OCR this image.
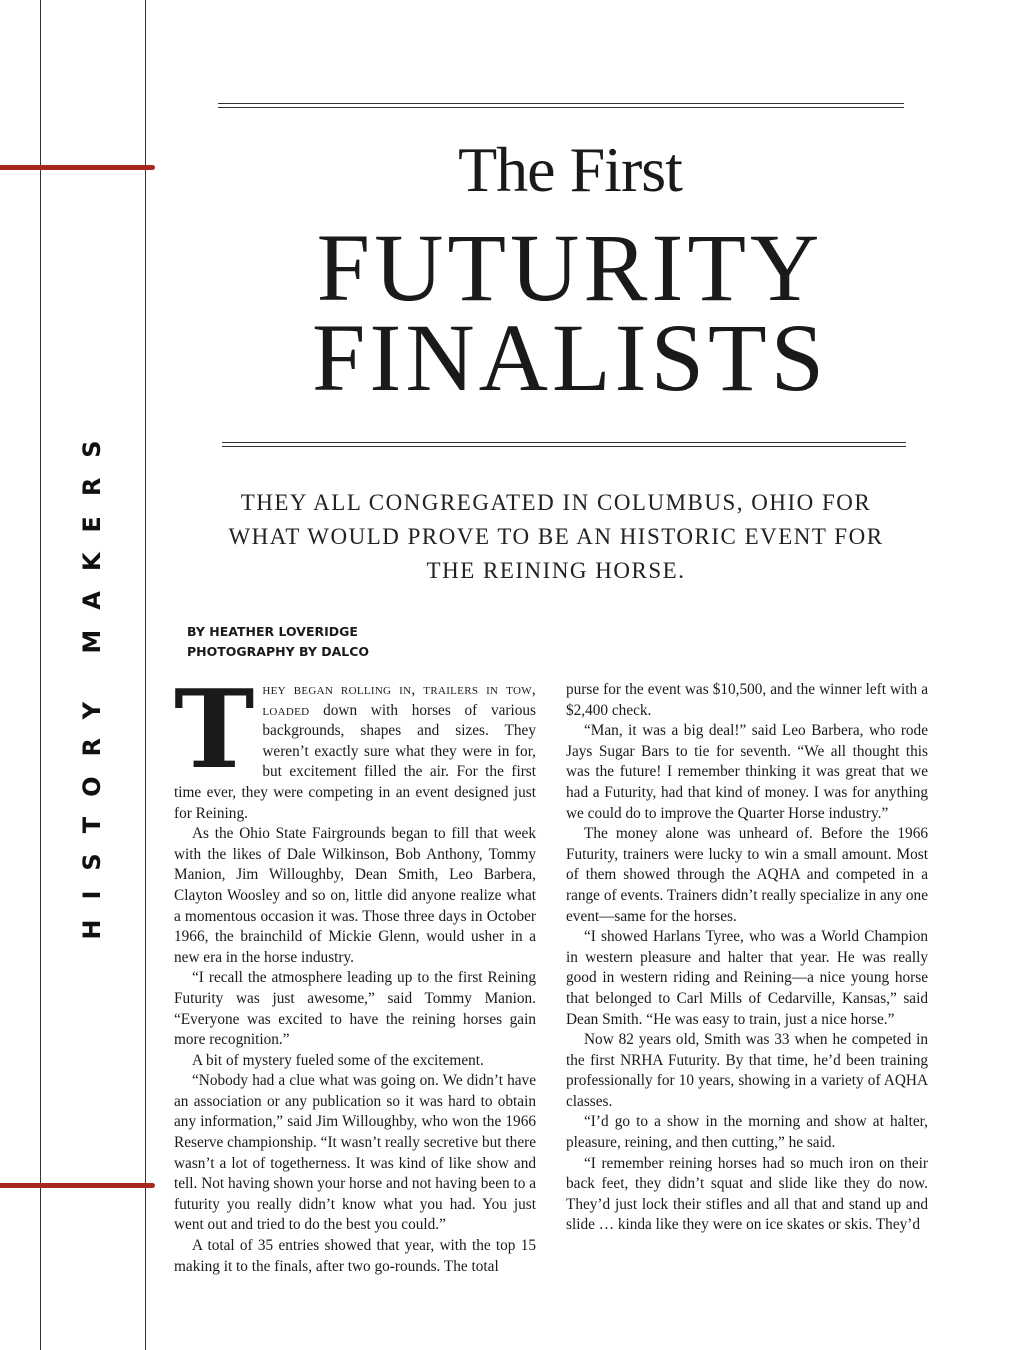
HISTORY MAKERS
The First
FUTURITY
FINALISTS
THEY ALL CONGREGATED IN COLUMBUS, OHIO FOR WHAT WOULD PROVE TO BE AN HISTORIC EVENT FOR THE REINING HORSE.
BY HEATHER LOVERIDGE
PHOTOGRAPHY BY DALCO

They began rolling in, trailers in tow, loaded down with horses of various backgrounds, shapes and sizes. They weren’t exactly sure what they were in for, but excitement filled the air. For the first time ever, they were competing in an event designed just for Reining.

As the Ohio State Fairgrounds began to fill that week with the likes of Dale Wilkinson, Bob Anthony, Tommy Manion, Jim Willoughby, Dean Smith, Leo Barbera, Clayton Woosley and so on, little did anyone realize what a momentous occasion it was. Those three days in October 1966, the brainchild of Mickie Glenn, would usher in a new era in the horse industry.

“I recall the atmosphere leading up to the first Reining Futurity was just awesome,” said Tommy Manion. “Everyone was excited to have the reining horses gain more recognition.”

A bit of mystery fueled some of the excitement.

“Nobody had a clue what was going on. We didn’t have an association or any publication so it was hard to obtain any information,” said Jim Willoughby, who won the 1966 Reserve championship. “It wasn’t really secretive but there wasn’t a lot of togetherness. It was kind of like show and tell. Not having shown your horse and not having been to a futurity you really didn’t know what you had. You just went out and tried to do the best you could.”

A total of 35 entries showed that year, with the top 15 making it to the finals, after two go-rounds. The total

purse for the event was $10,500, and the winner left with a $2,400 check.

“Man, it was a big deal!” said Leo Barbera, who rode Jays Sugar Bars to tie for seventh. “We all thought this was the future! I remember thinking it was great that we had a Futurity, had that kind of money. I was for anything we could do to improve the Quarter Horse industry.”

The money alone was unheard of. Before the 1966 Futurity, trainers were lucky to win a small amount. Most of them showed through the AQHA and competed in a range of events. Trainers didn’t really specialize in any one event—same for the horses.

“I showed Harlans Tyree, who was a World Champion in western pleasure and halter that year. He was really good in western riding and Reining—a nice young horse that belonged to Carl Mills of Cedarville, Kansas,” said Dean Smith. “He was easy to train, just a nice horse.”

Now 82 years old, Smith was 33 when he competed in the first NRHA Futurity. By that time, he’d been training professionally for 10 years, showing in a variety of AQHA classes.

“I’d go to a show in the morning and show at halter, pleasure, reining, and then cutting,” he said.

“I remember reining horses had so much iron on their back feet, they didn’t squat and slide like they do now. They’d just lock their stifles and all that and stand up and slide … kinda like they were on ice skates or skis. They’d
